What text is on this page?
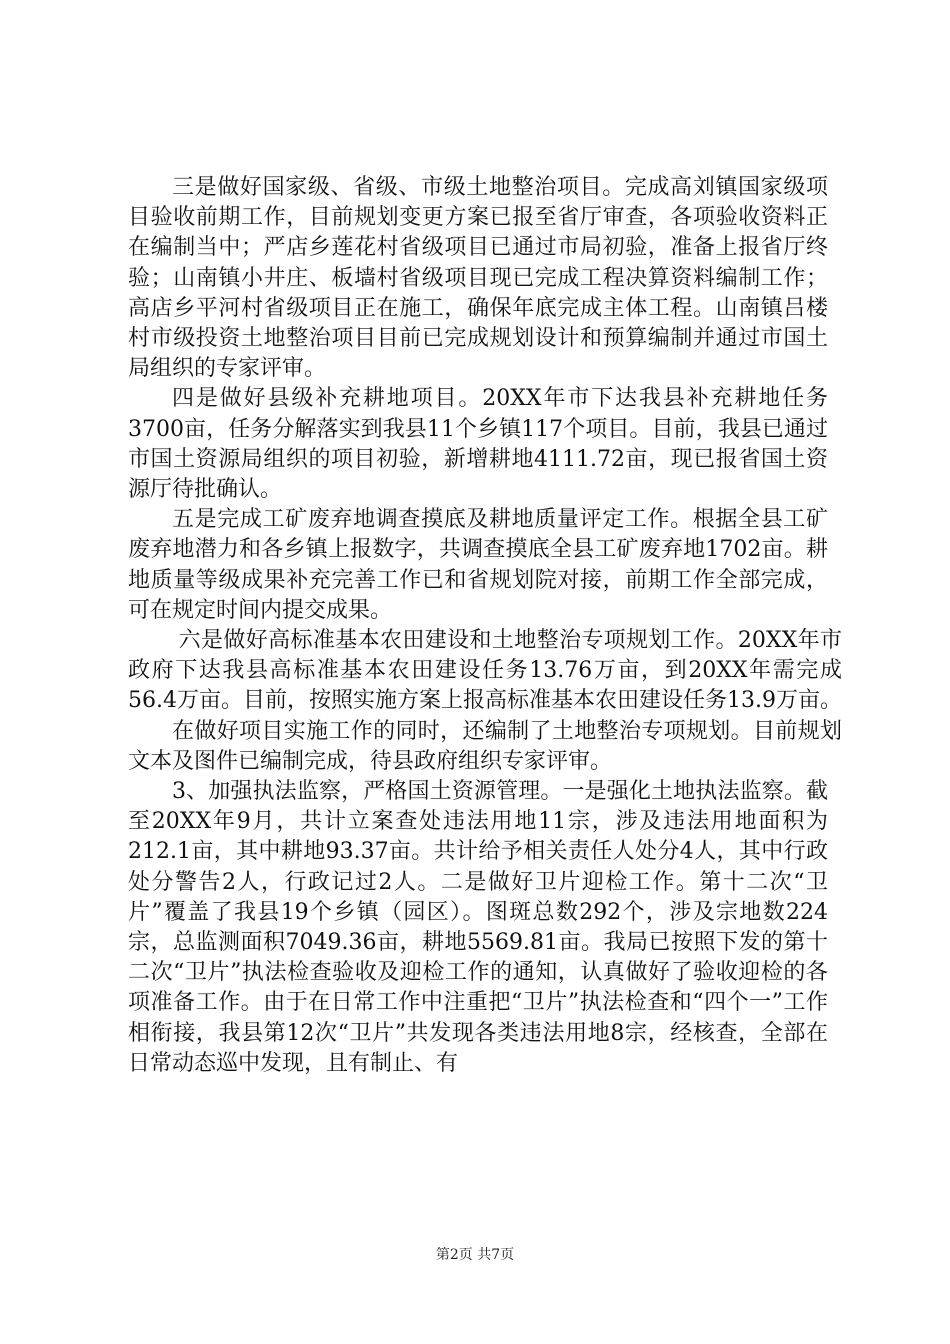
三是做好国家级、省级、市级土地整治项目。完成高刘镇国家级项目验收前期工作，目前规划变更方案已报至省厅审查，各项验收资料正在编制当中；严店乡莲花村省级项目已通过市局初验，准备上报省厅终验；山南镇小井庄、板墙村省级项目现已完成工程决算资料编制工作；高店乡平河村省级项目正在施工，确保年底完成主体工程。山南镇吕楼村市级投资土地整治项目目前已完成规划设计和预算编制并通过市国土局组织的专家评审。

四是做好县级补充耕地项目。20XX年市下达我县补充耕地任务3700亩，任务分解落实到我县11个乡镇117个项目。目前，我县已通过市国土资源局组织的项目初验，新增耕地4111.72亩，现已报省国土资源厅待批确认。

五是完成工矿废弃地调查摸底及耕地质量评定工作。根据全县工矿废弃地潜力和各乡镇上报数字，共调查摸底全县工矿废弃地1702亩。耕地质量等级成果补充完善工作已和省规划院对接，前期工作全部完成，可在规定时间内提交成果。

六是做好高标准基本农田建设和土地整治专项规划工作。20XX年市政府下达我县高标准基本农田建设任务13.76万亩，到20XX年需完成56.4万亩。目前，按照实施方案上报高标准基本农田建设任务13.9万亩。

在做好项目实施工作的同时，还编制了土地整治专项规划。目前规划文本及图件已编制完成，待县政府组织专家评审。

3、加强执法监察，严格国土资源管理。一是强化土地执法监察。截至20XX年9月，共计立案查处违法用地11宗，涉及违法用地面积为212.1亩，其中耕地93.37亩。共计给予相关责任人处分4人，其中行政处分警告2人，行政记过2人。二是做好卫片迎检工作。第十二次“卫片”覆盖了我县19个乡镇（园区）。图斑总数292个，涉及宗地数224宗，总监测面积7049.36亩，耕地5569.81亩。我局已按照下发的第十二次“卫片”执法检查验收及迎检工作的通知，认真做好了验收迎检的各项准备工作。由于在日常工作中注重把“卫片”执法检查和“四个一”工作相衔接，我县第12次“卫片”共发现各类违法用地8宗，经核查，全部在日常动态巡中发现，且有制止、有

第2页 共7页
